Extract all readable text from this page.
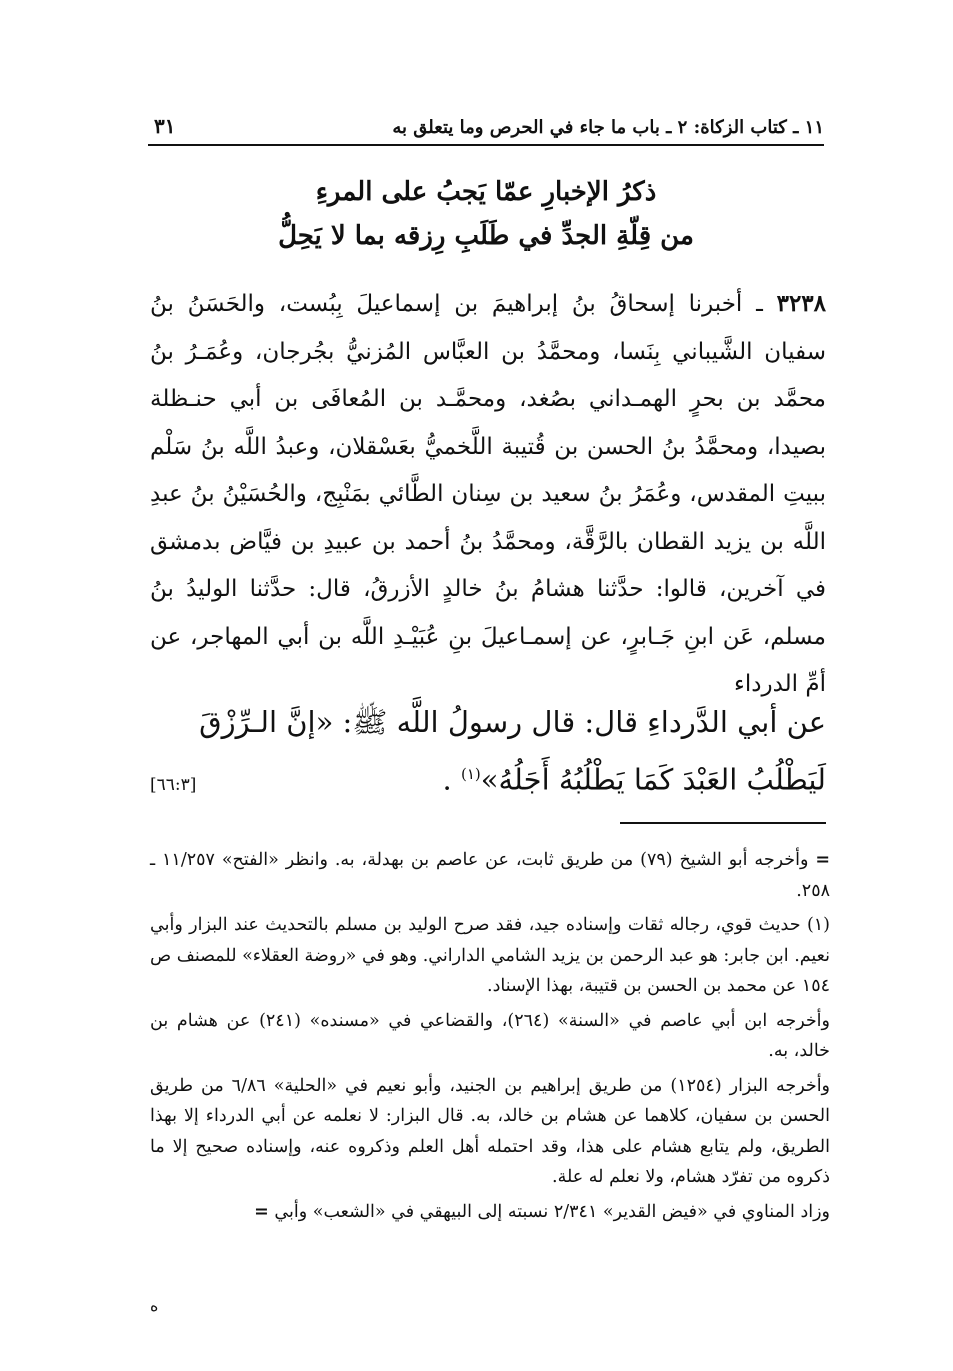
١١ ـ كتاب الزكاة: ٢ ـ باب ما جاء في الحرص وما يتعلق به
٣١
ذكرُ الإخبارِ عمّا يَجبُ على المرءِ
من قِلّةِ الجدِّ في طَلَبِ رِزقه بما لا يَحِلُّ
٣٢٣٨ ـ أخبرنا إسحاقُ بنُ إبراهيمَ بن إسماعيلَ بِبُست، والحَسَنُ بنُ سفيان الشَّيباني بِنَسا، ومحمَّدُ بن العبَّاس المُزنيُّ بجُرجان، وعُمَـرُ بنُ محمَّد بن بحرٍ الهمـداني بصُغد، ومحمَّـد بن المُعافَى بن أبي حنـظلة بصيدا، ومحمَّدُ بنُ الحسن بن قُتيبة اللَّخميُّ بعَسْقلان، وعبدُ اللَّه بنُ سَلْم ببيتِ المقدس، وعُمَرُ بنُ سعيد بن سِنان الطَّائي بمَنْبِج، والحُسَيْنُ بنُ عبدِ اللَّه بن يزيد القطان بالرَّقَّة، ومحمَّدُ بنُ أحمد بن عبيدِ بن فيَّاض بدمشق في آخرين، قالوا: حدَّثنا هشامُ بنُ خالدٍ الأزرقُ، قال: حدَّثنا الوليدُ بنُ مسلم، عَن ابنِ جَـابرٍ، عن إسمـاعيلَ بنِ عُبَيْـدِ اللَّه بن أبي المهاجر، عن أمِّ الدرداء
عن أبي الدَّرداءِ قال: قال رسولُ اللَّه ﷺ: «إنَّ الـرِّزْقَ
لَيَطْلُبُ العَبْدَ كَمَا يَطْلُبُهُ أَجَلُهُ»$^{(١)}$ .
[٦٦:٣]
= وأخرجه أبو الشيخ (٧٩) من طريق ثابت، عن عاصم بن بهدلة، به. وانظر «الفتح» ١١/٢٥٧ ـ ٢٥٨.
(١) حديث قوي، رجاله ثقات وإسناده جيد، فقد صرح الوليد بن مسلم بالتحديث عند البزار وأبي نعيم. ابن جابر: هو عبد الرحمن بن يزيد الشامي الداراني. وهو في «روضة العقلاء» للمصنف ص ١٥٤ عن محمد بن الحسن بن قتيبة، بهذا الإسناد.
وأخرجه ابن أبي عاصم في «السنة» (٢٦٤)، والقضاعي في «مسنده» (٢٤١) عن هشام بن خالد، به.
وأخرجه البزار (١٢٥٤) من طريق إبراهيم بن الجنيد، وأبو نعيم في «الحلية» ٦/٨٦ من طريق الحسن بن سفيان، كلاهما عن هشام بن خالد، به. قال البزار: لا نعلمه عن أبي الدرداء إلا بهذا الطريق، ولم يتابع هشام على هذا، وقد احتمله أهل العلم وذكروه عنه، وإسناده صحيح إلا ما ذكروه من تفرّد هشام، ولا نعلم له علة.
وزاد المناوي في «فيض القدير» ٢/٣٤١ نسبته إلى البيهقي في «الشعب» وأبي =
ه
